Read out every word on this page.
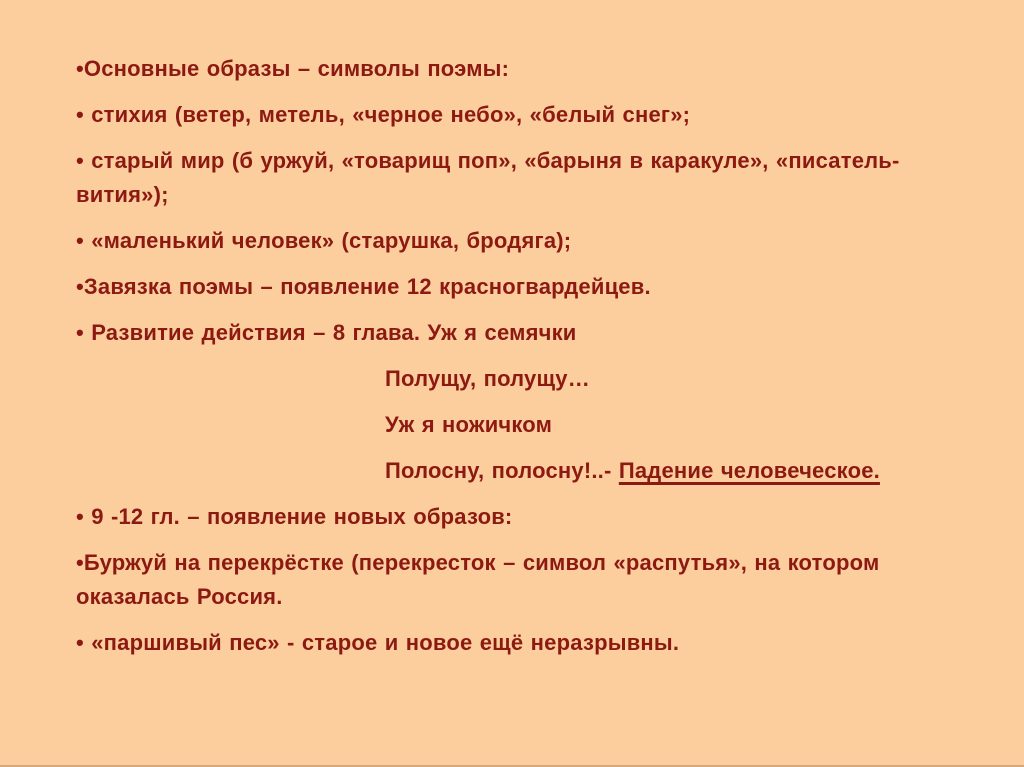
•Основные образы – символы поэмы:

• стихия (ветер, метель, «черное небо», «белый снег»;

• старый мир (б уржуй, «товарищ поп», «барыня в каракуле», «писатель-вития»);

• «маленький человек» (старушка, бродяга);

•Завязка поэмы – появление 12 красногвардейцев.

• Развитие действия – 8 глава. Уж я семячки

Полущу, полущу…

Уж я ножичком

Полосну, полосну!..- Падение человеческое.

• 9 -12 гл. – появление новых образов:

•Буржуй на перекрёстке (перекресток – символ «распутья», на котором оказалась Россия.

• «паршивый пес» - старое и новое ещё неразрывны.
